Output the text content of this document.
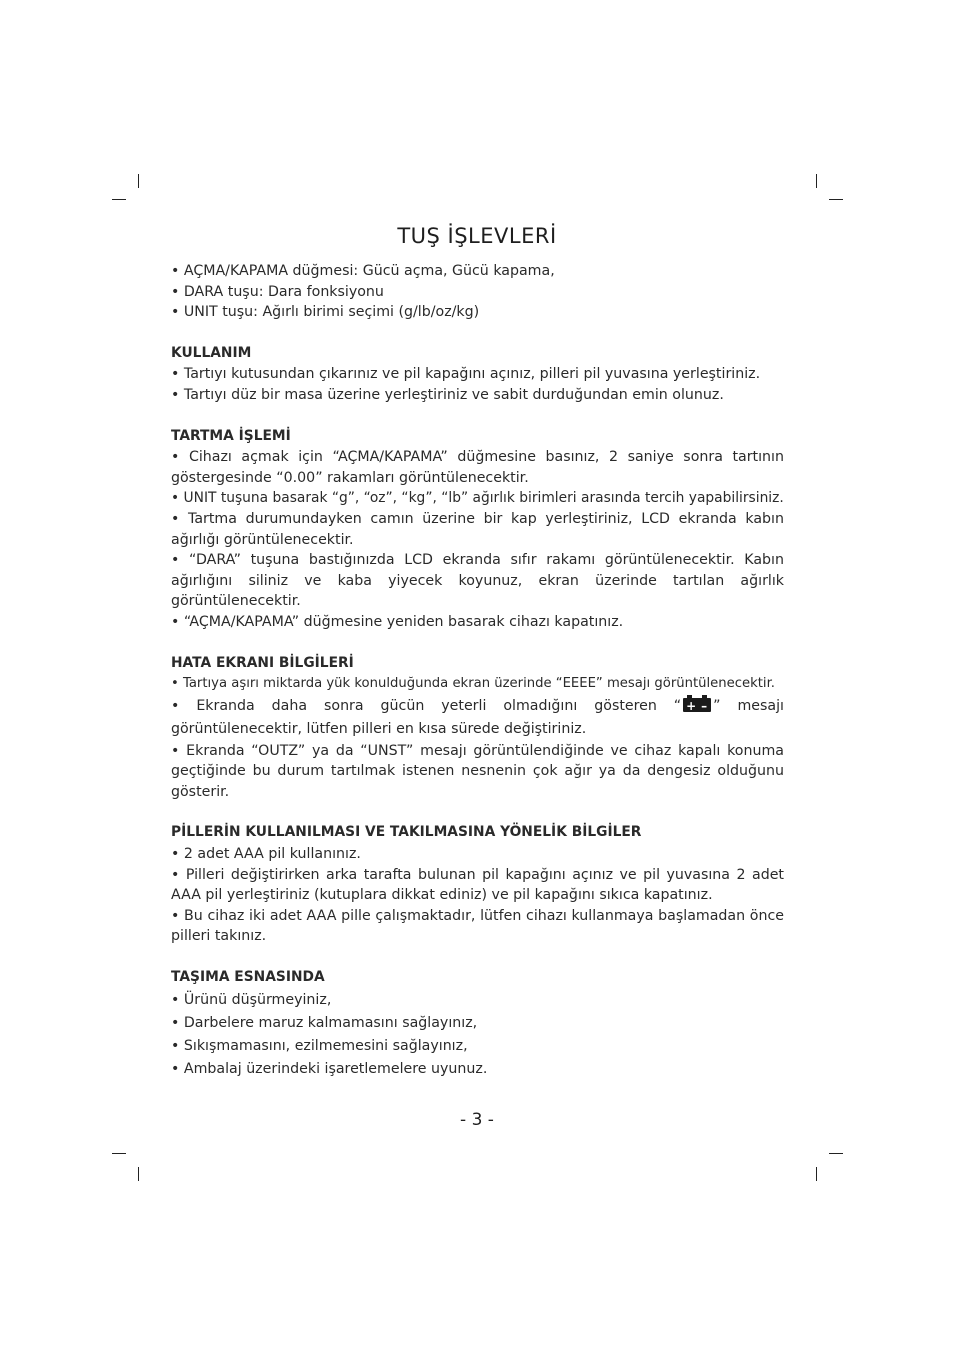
TUŞ İŞLEVLERİ
• AÇMA/KAPAMA düğmesi: Gücü açma, Gücü kapama,
• DARA tuşu: Dara fonksiyonu
• UNIT tuşu: Ağırlı birimi seçimi (g/lb/oz/kg)
KULLANIM
• Tartıyı kutusundan çıkarınız ve pil kapağını açınız, pilleri pil yuvasına yerleştiriniz.
• Tartıyı düz bir masa üzerine yerleştiriniz ve sabit durduğundan emin olunuz.
TARTMA İŞLEMİ
• Cihazı açmak için “AÇMA/KAPAMA” düğmesine basınız, 2 saniye sonra tartının göstergesinde “0.00” rakamları görüntülenecektir.
• UNIT tuşuna basarak “g”, “oz”, “kg”, “lb” ağırlık birimleri arasında tercih yapabilirsiniz.
• Tartma durumundayken camın üzerine bir kap yerleştiriniz, LCD ekranda kabın ağırlığı görüntülenecektir.
• “DARA” tuşuna bastığınızda LCD ekranda sıfır rakamı görüntülenecektir. Kabın ağırlığını siliniz ve kaba yiyecek koyunuz, ekran üzerinde tartılan ağırlık görüntülenecektir.
• “AÇMA/KAPAMA” düğmesine yeniden basarak cihazı kapatınız.
HATA EKRANI BİLGİLERİ
• Tartıya aşırı miktarda yük konulduğunda ekran üzerinde “EEEE” mesajı görüntülenecektir.
• Ekranda daha sonra gücün yeterli olmadığını gösteren “ + – ” mesajı görüntülenecektir, lütfen pilleri en kısa sürede değiştiriniz.
• Ekranda “OUTZ” ya da “UNST” mesajı görüntülendiğinde ve cihaz kapalı konuma geçtiğinde bu durum tartılmak istenen nesnenin çok ağır ya da dengesiz olduğunu gösterir.
PİLLERİN KULLANILMASI VE TAKILMASINA YÖNELİK BİLGİLER
• 2 adet AAA pil kullanınız.
• Pilleri değiştirirken arka tarafta bulunan pil kapağını açınız ve pil yuvasına 2 adet AAA pil yerleştiriniz (kutuplara dikkat ediniz) ve pil kapağını sıkıca kapatınız.
• Bu cihaz iki adet AAA pille çalışmaktadır, lütfen cihazı kullanmaya başlamadan önce pilleri takınız.
TAŞIMA ESNASINDA
• Ürünü düşürmeyiniz,
• Darbelere maruz kalmamasını sağlayınız,
• Sıkışmamasını, ezilmemesini sağlayınız,
• Ambalaj üzerindeki işaretlemelere uyunuz.
- 3 -
